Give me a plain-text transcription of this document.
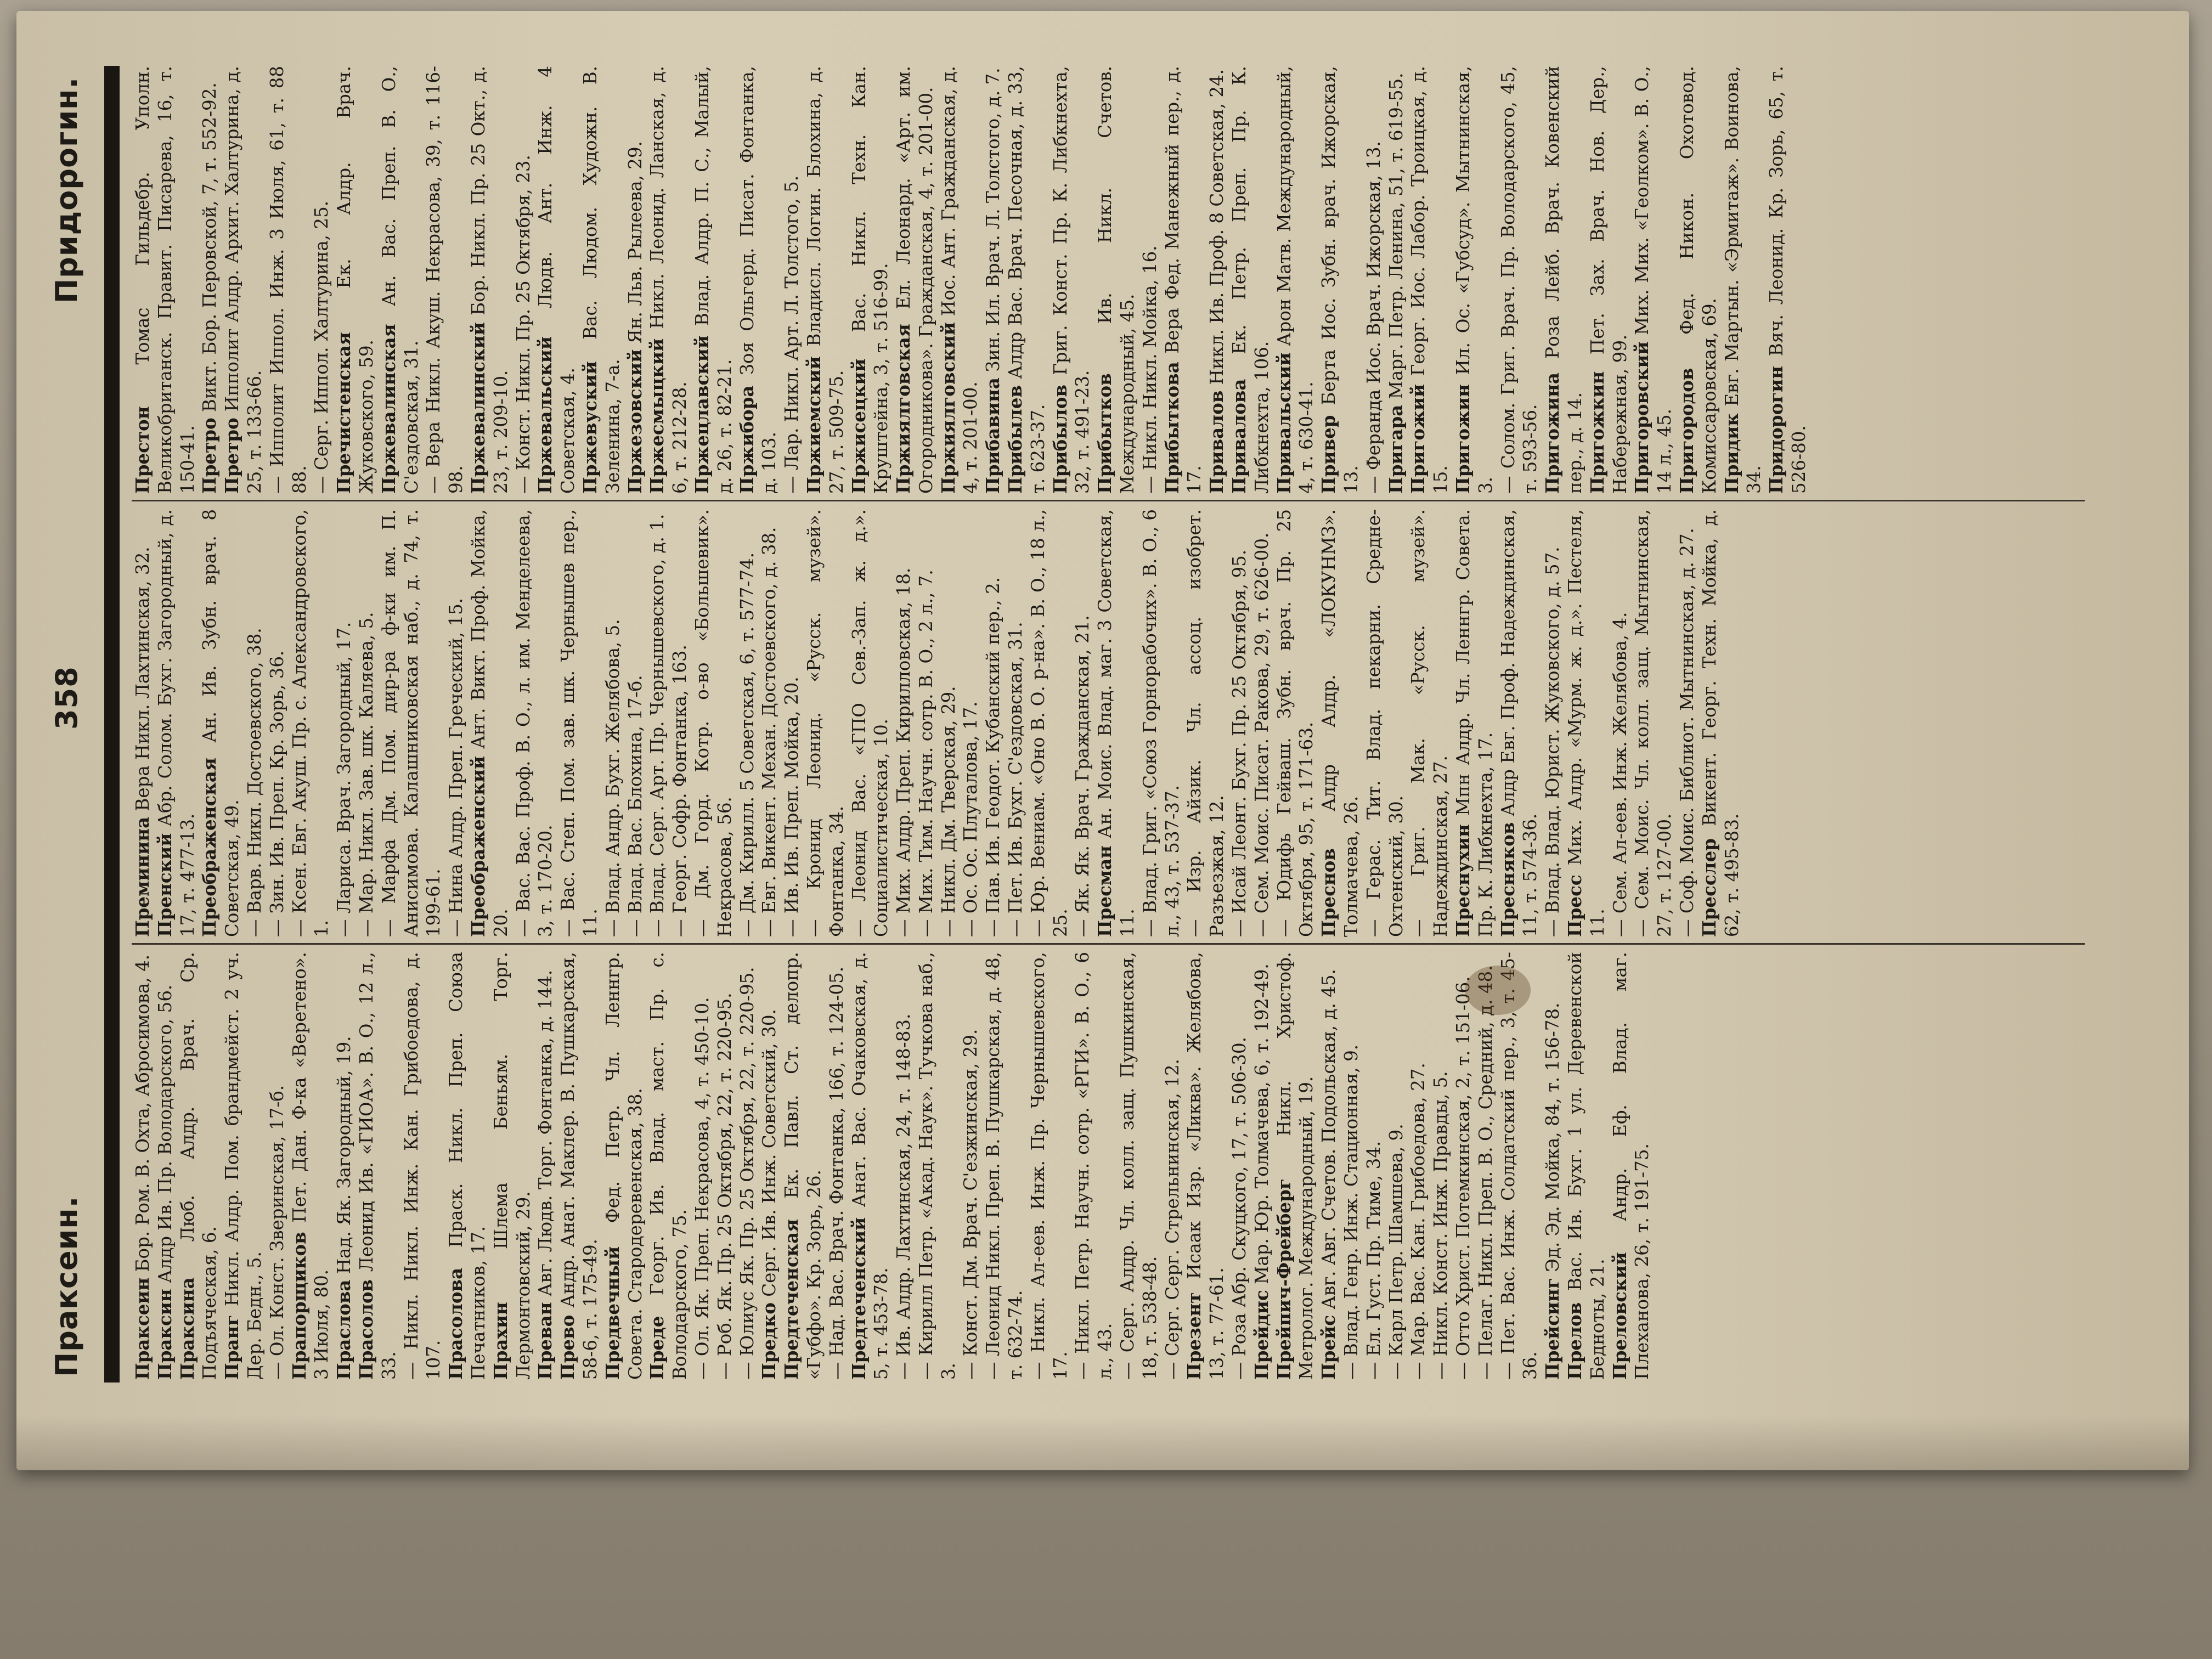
Праксеин.
358
Придорогин.

Праксеин Бор. Ром. В. Охта, Абросимова, 4.

Праксин Алдр Ив. Пр. Володарского, 56.

Праксина Люб. Алдр. Врач. Ср. Подъяческая, 6. Пранг Никл. Алдр. Пом. брандмейст. 2 уч. Дер. Бедн., 5. — Ол. Конст. Зверинская, 17-б. Прапорщиков Пет. Дан. Ф-ка «Веретено». 3 Июля, 80. Праслова Над. Як. Загородный, 19.

Прасолов Леонид Ив. «ГИОА». В. О., 12 л., 33. — Никл. Никл. Инж. Кан. Грибоедова, д. 107. Прасолова Праск. Никл. Преп. Союза Печатников, 17. Прахин Шлема Беньям. Торг. Лермонтовский, 29. Преван Авг. Людв. Торг. Фонтанка, д. 144.

Прево Андр. Анат. Маклер. В. Пушкарская, 58-6, т. 175-49. Предвечный Фед. Петр. Чл. Леннгр. Совета. Стародеревенская, 38. Преде Георг. Ив. Влад. маст. Пр. с. Володарского, 75. — Ол. Як. Преп. Некрасова, 4, т. 450-10. — Роб. Як. Пр. 25 Октября, 22, т. 220-95. — Юлиус Як. Пр. 25 Октября, 22, т. 220-95. Предко Серг. Ив. Инж. Советский, 30. Предтеченская Ек. Павл. Ст. делопр. «Губфо». Кр. Зорь, 26. — Над. Вас. Врач. Фонтанка, 166, т. 124-05. Предтеченский Анат. Вас. Очаковская, д. 5, т. 453-78. — Ив. Алдр. Лахтинская, 24, т. 148-83. — Кирилл Петр. «Акад. Наук». Тучкова наб., 3. — Конст. Дм. Врач. С'езжинская, 29. — Леонид Никл. Преп. В. Пушкарская, д. 48, т. 632-74. — Никл. Ал-еев. Инж. Пр. Чернышевского, 17. — Никл. Петр. Научн. сотр. «РГИ». В. О., 6 л., 43. — Серг. Алдр. Чл. колл. защ. Пушкинская, 18, т. 538-48. — Серг. Серг. Стрельнинская, 12. Презент Исаак Изр. «Ликва». Желябова, 13, т. 77-61. — Роза Абр. Скуцкого, 17, т. 506-30. Прейдис Мар. Юр. Толмачева, 6, т. 192-49. Прейпич-Фрейберг Никл. Христоф. Метролог. Международный, 19. Прейс Авг. Авг. Счетов. Подольская, д. 45. — Влад. Генр. Инж. Стационная, 9. — Ел. Густ. Пр. Тиме, 34. — Карл Петр. Шамшева, 9. — Мар. Вас. Кан. Грибоедова, 27. — Никл. Конст. Инж. Правды, 5. — Отто Христ. Потемкинская, 2, т. 151-06. — Пелаг. Никл. Преп. В. О., Средний, д. 48. — Пет. Вас. Инж. Солдатский пер., 3, т. 45-36. Прейсинг Эд. Эд. Мойка, 84, т. 156-78.

Прелов Вас. Ив. Бухг. 1 ул. Деревенской Бедноты, 21. Преловский Андр. Еф. Влад. маг. Плеханова, 26, т. 191-75.

Преминина Вера Никл. Лахтинская, 32.

Пренский Абр. Солом. Бухг. Загородный, д. 17, т. 477-13. Преображенская Ан. Ив. Зубн. врач. 8 Советская, 49. — Варв. Никл. Достоевского, 38. — Зин. Ив. Преп. Кр. Зорь, 36. — Ксен. Евг. Акуш. Пр. с. Александровского, 1. — Лариса. Врач. Загородный, 17. — Мар. Никл. Зав. шк. Каляева, 5. — Марфа Дм. Пом. дир-ра ф-ки им. П. Анисимова. Калашниковская наб., д. 74, т. 199-61. — Нина Алдр. Преп. Греческий, 15. Преображенский Ант. Викт. Проф. Мойка, 20. — Вас. Вас. Проф. В. О., л. им. Менделеева, 3, т. 170-20. — Вас. Степ. Пом. зав. шк. Чернышев пер., 11. — Влад. Андр. Бухг. Желябова, 5. — Влад. Вас. Блохина, 17-б. — Влад. Серг. Арт. Пр. Чернышевского, д. 1. — Георг. Софр. Фонтанка, 163. — Дм. Горд. Котр. о-во «Большевик». Некрасова, 56. — Дм. Кирилл. 5 Советская, 6, т. 577-74. — Евг. Викент. Механ. Достоевского, д. 38. — Ив. Ив. Преп. Мойка, 20. — Кронид Леонид. «Русск. музей». Фонтанка, 34. — Леонид Вас. «ГПО Сев.-Зап. ж. д.». Социалистическая, 10. — Мих. Алдр. Преп. Кирилловская, 18. — Мих. Тим. Научн. сотр. В. О., 2 л., 7. — Никл. Дм. Тверская, 29. — Ос. Ос. Плуталова, 17. — Пав. Ив. Геодот. Кубанский пер., 2. — Пет. Ив. Бухг. С'ездовская, 31. — Юр. Вениам. «Оно В. О. р-на». В. О., 18 л., 25. — Як. Як. Врач. Гражданская, 21. Пресман Ан. Моис. Влад. маг. 3 Советская, 11. — Влад. Григ. «Союз Горнорабочих». В. О., 6 л., 43, т. 537-37. — Изр. Айзик. Чл. ассоц. изобрет. Разъезжая, 12. — Исай Леонт. Бухг. Пр. 25 Октября, 95. — Сем. Моис. Писат. Ракова, 29, т. 626-00. — Юдифь Гейваш. Зубн. врач. Пр. 25 Октября, 95, т. 171-63. Преснов Алдр Алдр. «ЛОКУНМЗ». Толмачева, 26. — Герас. Тит. Влад. пекарни. Средне-Охтенский, 30. — Григ. Мак. «Русск. музей». Надеждинская, 27. Преснухин Мпн Алдр. Чл. Леннгр. Совета. Пр. К. Либкнехта, 17. Пресняков Алдр Евг. Проф. Надеждинская, 11, т. 574-36. — Влад. Влад. Юрист. Жуковского, д. 57. Пресс Мих. Алдр. «Мурм. ж. д.». Пестеля, 11. — Сем. Ал-еев. Инж. Желябова, 4. — Сем. Моис. Чл. колл. защ. Мытнинская, 27, т. 127-00. — Соф. Моис. Библиот. Мытнинская, д. 27. Пресслер Викент. Георг. Техн. Мойка, д. 62, т. 495-83.

Престон Томас Гильдебр. Уполн. Великобританск. Правит. Писарева, 16, т. 150-41. Претро Викт. Бор. Перовской, 7, т. 552-92.

Претро Ипполит Алдр. Архит. Халтурина, д. 25, т. 133-66. — Ипполит Иппол. Инж. 3 Июля, 61, т. 88 88. — Серг. Иппол. Халтурина, 25. Пречистенская Ек. Алдр. Врач. Жуковского, 59. Пржевалинская Ан. Вас. Преп. В. О., С'ездовская, 31. — Вера Никл. Акуш. Некрасова, 39, т. 116-98. Пржевалинский Бор. Никл. Пр. 25 Окт., д. 23, т. 209-10. — Конст. Никл. Пр. 25 Октября, 23. Пржевальский Людв. Ант. Инж. 4 Советская, 4. Пржевуский Вас. Людом. Художн. В. Зеленина, 7-а. Пржезовский Ян. Льв. Рылеева, 29.

Пржесмыцкий Никл. Леонид. Ланская, д. 6, т. 212-28. Пржецлавский Влад. Алдр. П. С., Малый, д. 26, т. 82-21. Пржибора Зоя Ольгерд. Писат. Фонтанка, д. 103. — Лар. Никл. Арт. Л. Толстого, 5. Пржиемский Владисл. Логин. Блохина, д. 27, т. 509-75. Пржисецкий Вас. Никл. Техн. Кан. Круштейна, 3, т. 516-99. Пржиялговская Ел. Леонард. «Арт. им. Огородникова». Гражданская, 4, т. 201-00. Пржиялговский Иос. Ант. Гражданская, д. 4, т. 201-00. Прибавина Зин. Ил. Врач. Л. Толстого, д. 7.

Прибылев Алдр Вас. Врач. Песочная, д. 33, т. 623-37. Прибылов Григ. Конст. Пр. К. Либкнехта, 32, т. 491-23. Прибытков Ив. Никл. Счетов. Международный, 45. — Никл. Никл. Мойка, 16. Прибыткова Вера Фед. Манежный пер., д. 17. Привалов Никл. Ив. Проф. 8 Советская, 24.

Привалова Ек. Петр. Преп. Пр. К. Либкнехта, 106. Привальский Арон Матв. Международный, 4, т. 630-41. Привер Берта Иос. Зубн. врач. Ижорская, 13. — Феранда Иос. Врач. Ижорская, 13. Пригара Марг. Петр. Ленина, 51, т. 619-55.

Пригожий Георг. Иос. Лабор. Троицкая, д. 15. Пригожин Ил. Ос. «Губсуд». Мытнинская, 3. — Солом. Григ. Врач. Пр. Володарского, 45, т. 593-56. Пригожина Роза Лейб. Врач. Ковенский пер., д. 14. Пригожкин Пет. Зах. Врач. Нов. Дер., Набережная, 99. Пригоровский Мих. Мих. «Геолком». В. О., 14 л., 45. Пригородов Фед. Никон. Охотовод. Комиссаровская, 69. Придик Евг. Мартын. «Эрмитаж». Воинова, 34. Придорогин Вяч. Леонид. Кр. Зорь, 65, т. 526-80.
